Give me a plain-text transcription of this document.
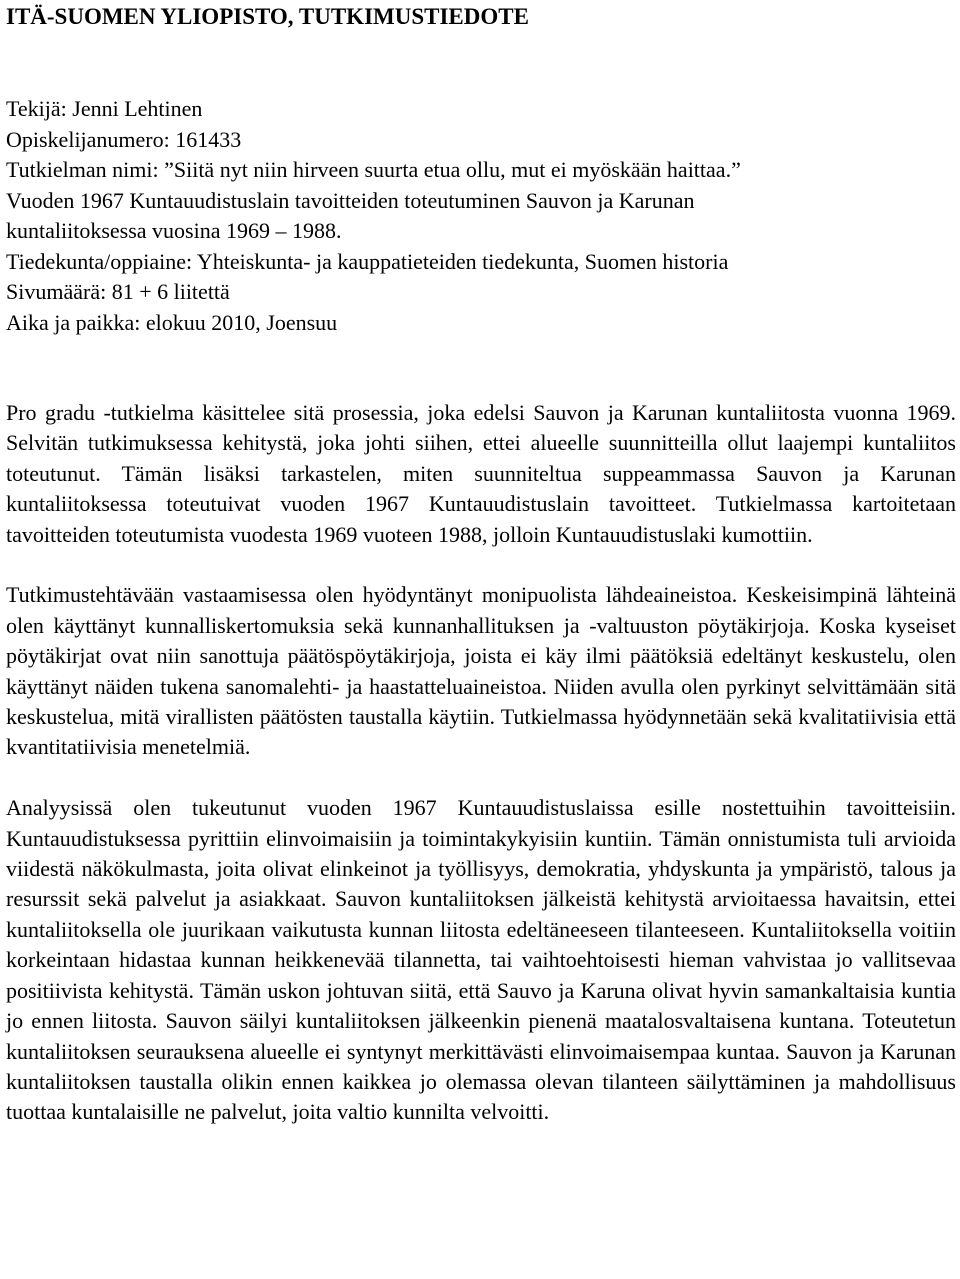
ITÄ-SUOMEN YLIOPISTO, TUTKIMUSTIEDOTE
Tekijä: Jenni Lehtinen
Opiskelijanumero: 161433
Tutkielman nimi: ”Siitä nyt niin hirveen suurta etua ollu, mut ei myöskään haittaa.”
Vuoden 1967 Kuntauudistuslain tavoitteiden toteutuminen Sauvon ja Karunan
kuntaliitoksessa vuosina 1969 – 1988.
Tiedekunta/oppiaine: Yhteiskunta- ja kauppatieteiden tiedekunta, Suomen historia
Sivumäärä: 81 + 6 liitettä
Aika ja paikka: elokuu 2010, Joensuu

Pro gradu -tutkielma käsittelee sitä prosessia, joka edelsi Sauvon ja Karunan kuntaliitosta vuonna 1969. Selvitän tutkimuksessa kehitystä, joka johti siihen, ettei alueelle suunnitteilla ollut laajempi kuntaliitos toteutunut. Tämän lisäksi tarkastelen, miten suunniteltua suppeammassa Sauvon ja Karunan kuntaliitoksessa toteutuivat vuoden 1967 Kuntauudistuslain tavoitteet. Tutkielmassa kartoitetaan tavoitteiden toteutumista vuodesta 1969 vuoteen 1988, jolloin Kuntauudistuslaki kumottiin.

Tutkimustehtävään vastaamisessa olen hyödyntänyt monipuolista lähdeaineistoa. Keskeisimpinä lähteinä olen käyttänyt kunnalliskertomuksia sekä kunnanhallituksen ja -valtuuston pöytäkirjoja. Koska kyseiset pöytäkirjat ovat niin sanottuja päätöspöytäkirjoja, joista ei käy ilmi päätöksiä edeltänyt keskustelu, olen käyttänyt näiden tukena sanomalehti- ja haastatteluaineistoa. Niiden avulla olen pyrkinyt selvittämään sitä keskustelua, mitä virallisten päätösten taustalla käytiin. Tutkielmassa hyödynnetään sekä kvalitatiivisia että kvantitatiivisia menetelmiä.

Analyysissä olen tukeutunut vuoden 1967 Kuntauudistuslaissa esille nostettuihin tavoitteisiin. Kuntauudistuksessa pyrittiin elinvoimaisiin ja toimintakykyisiin kuntiin. Tämän onnistumista tuli arvioida viidestä näkökulmasta, joita olivat elinkeinot ja työllisyys, demokratia, yhdyskunta ja ympäristö, talous ja resurssit sekä palvelut ja asiakkaat. Sauvon kuntaliitoksen jälkeistä kehitystä arvioitaessa havaitsin, ettei kuntaliitoksella ole juurikaan vaikutusta kunnan liitosta edeltäneeseen tilanteeseen. Kuntaliitoksella voitiin korkeintaan hidastaa kunnan heikkenevää tilannetta, tai vaihtoehtoisesti hieman vahvistaa jo vallitsevaa positiivista kehitystä. Tämän uskon johtuvan siitä, että Sauvo ja Karuna olivat hyvin samankaltaisia kuntia jo ennen liitosta. Sauvon säilyi kuntaliitoksen jälkeenkin pienenä maatalosvaltaisena kuntana. Toteutetun kuntaliitoksen seurauksena alueelle ei syntynyt merkittävästi elinvoimaisempaa kuntaa. Sauvon ja Karunan kuntaliitoksen taustalla olikin ennen kaikkea jo olemassa olevan tilanteen säilyttäminen ja mahdollisuus tuottaa kuntalaisille ne palvelut, joita valtio kunnilta velvoitti.
